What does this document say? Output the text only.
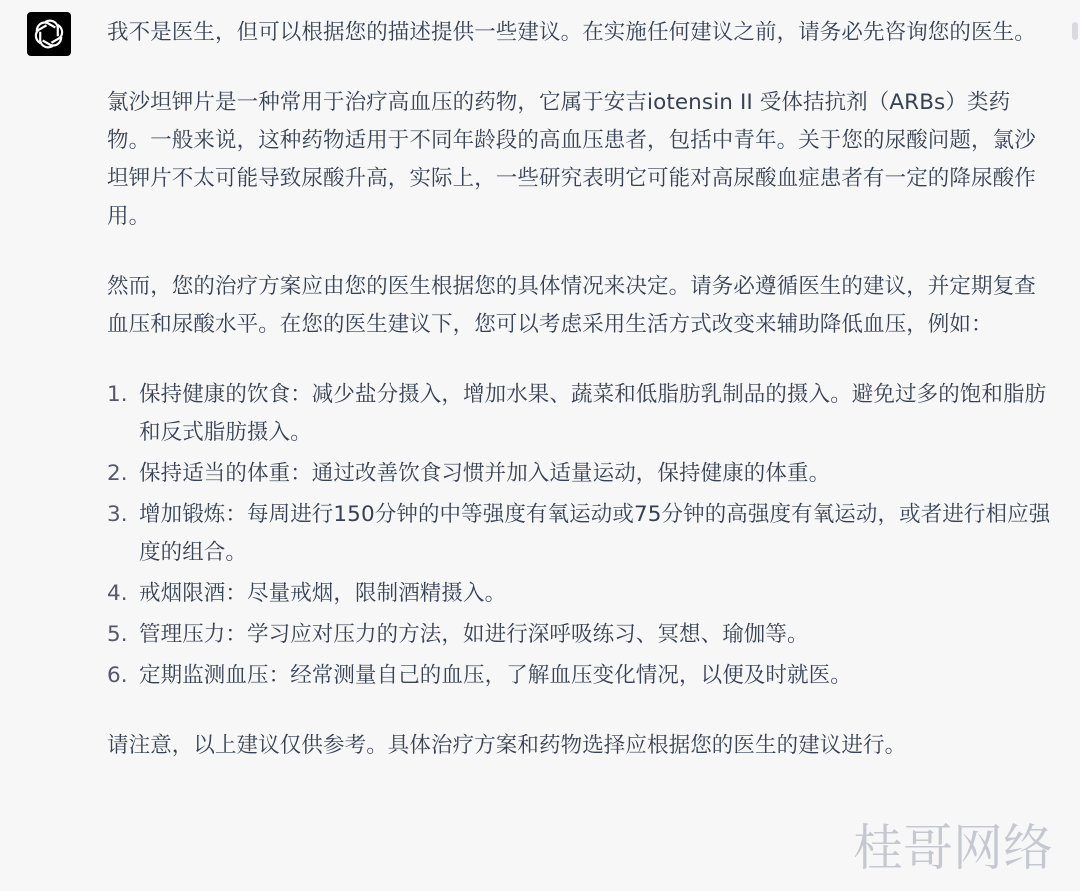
我不是医生，但可以根据您的描述提供一些建议。在实施任何建议之前，请务必先咨询您的医生。

氯沙坦钾片是一种常用于治疗高血压的药物，它属于安吉iotensin II 受体拮抗剂（ARBs）类药物。一般来说，这种药物适用于不同年龄段的高血压患者，包括中青年。关于您的尿酸问题，氯沙坦钾片不太可能导致尿酸升高，实际上，一些研究表明它可能对高尿酸血症患者有一定的降尿酸作用。

然而，您的治疗方案应由您的医生根据您的具体情况来决定。请务必遵循医生的建议，并定期复查血压和尿酸水平。在您的医生建议下，您可以考虑采用生活方式改变来辅助降低血压，例如：

1. 保持健康的饮食：减少盐分摄入，增加水果、蔬菜和低脂肪乳制品的摄入。避免过多的饱和脂肪和反式脂肪摄入。
2. 保持适当的体重：通过改善饮食习惯并加入适量运动，保持健康的体重。
3. 增加锻炼：每周进行150分钟的中等强度有氧运动或75分钟的高强度有氧运动，或者进行相应强度的组合。
4. 戒烟限酒：尽量戒烟，限制酒精摄入。
5. 管理压力：学习应对压力的方法，如进行深呼吸练习、冥想、瑜伽等。
6. 定期监测血压：经常测量自己的血压，了解血压变化情况，以便及时就医。

请注意，以上建议仅供参考。具体治疗方案和药物选择应根据您的医生的建议进行。

桂哥网络
